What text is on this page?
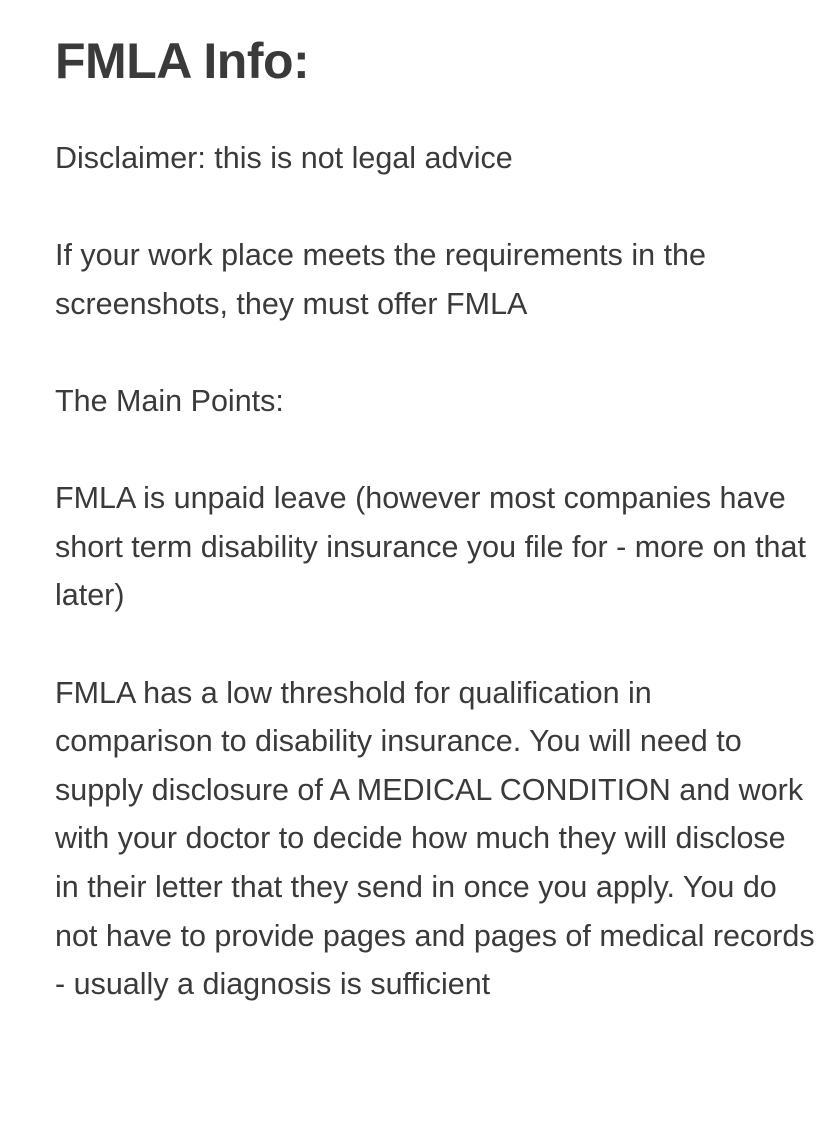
FMLA Info:

Disclaimer: this is not legal advice

If your work place meets the requirements in the screenshots, they must offer FMLA

The Main Points:

FMLA is unpaid leave (however most companies have short term disability insurance you file for - more on that later)

FMLA has a low threshold for qualification in comparison to disability insurance. You will need to supply disclosure of A MEDICAL CONDITION and work with your doctor to decide how much they will disclose in their letter that they send in once you apply. You do not have to provide pages and pages of medical records - usually a diagnosis is sufficient
